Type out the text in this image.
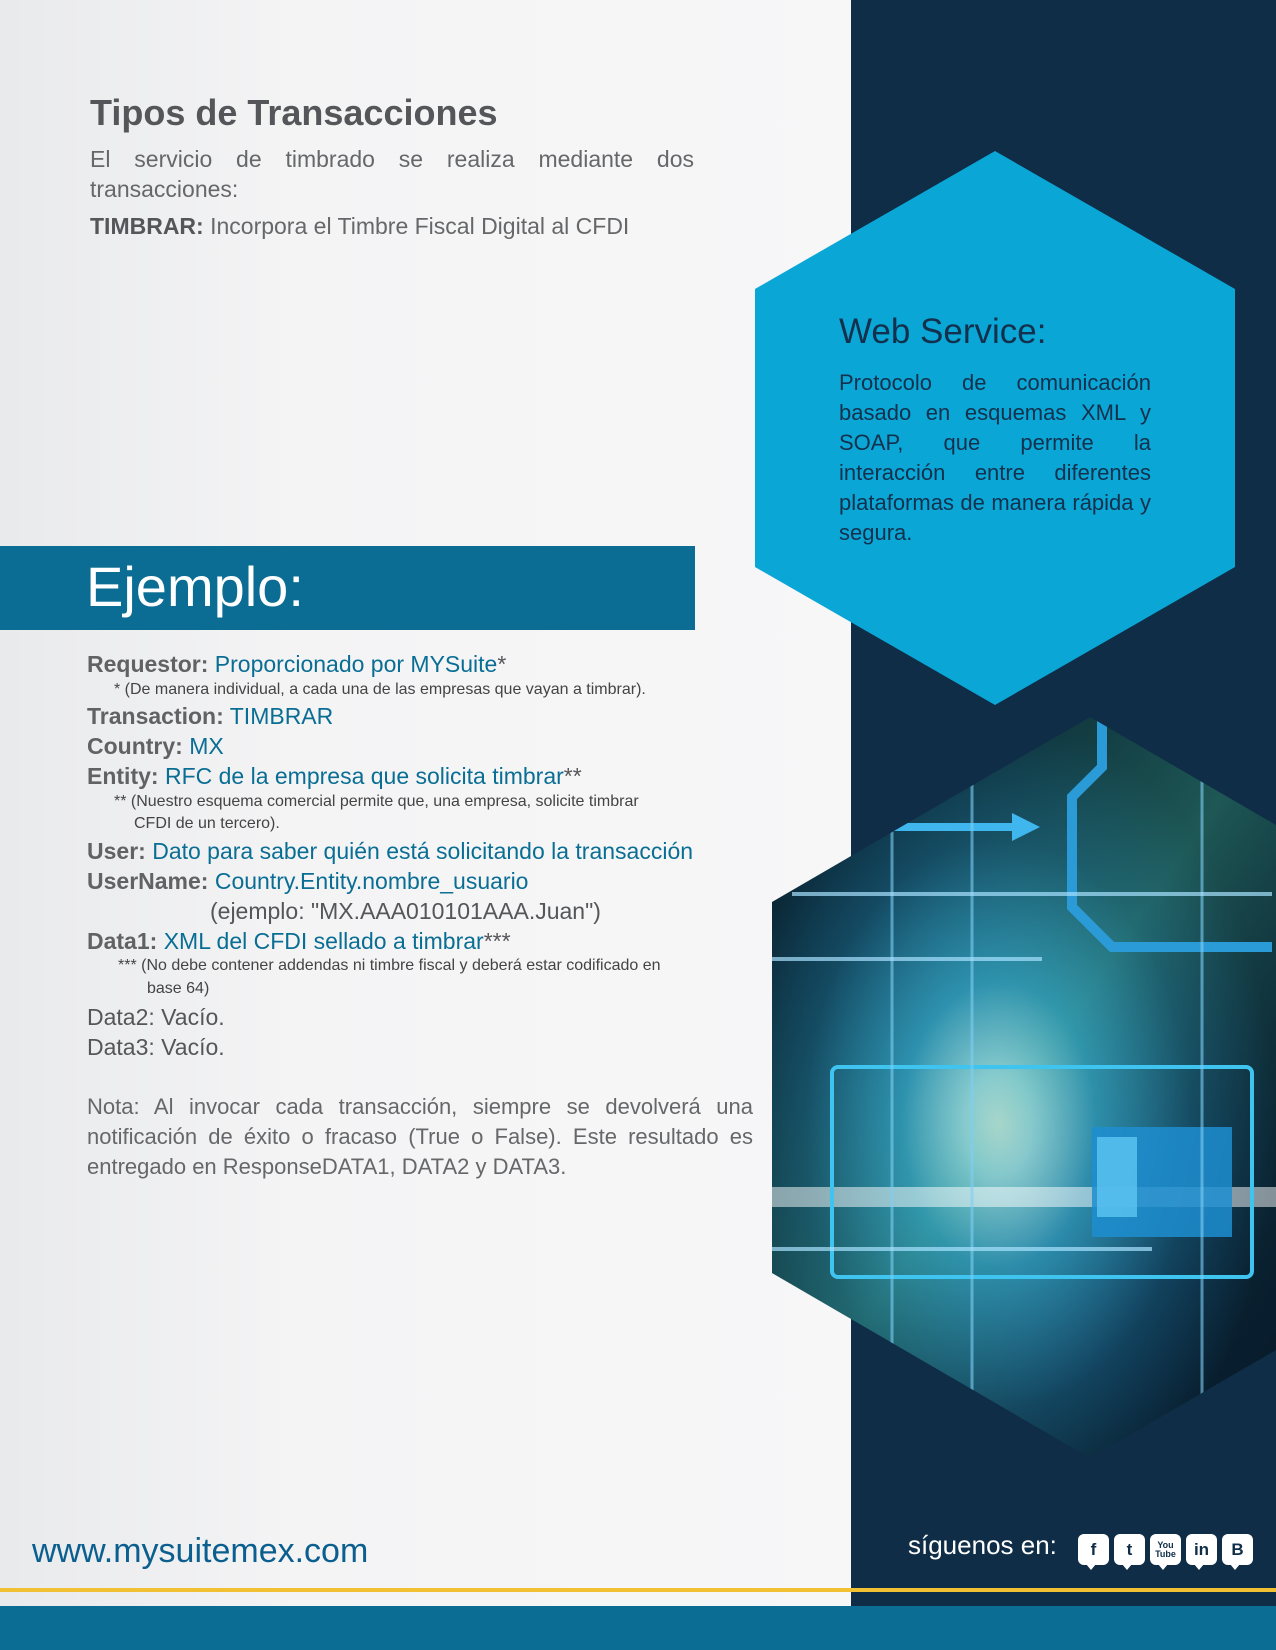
Tipos de Transacciones

El servicio de timbrado se realiza mediante dos transacciones:

TIMBRAR: Incorpora el Timbre Fiscal Digital al CFDI

Web Service:

Protocolo de comunicación basado en esquemas XML y SOAP, que permite la interacción entre diferentes plataformas de manera rápida y segura.

Ejemplo:

Requestor: Proporcionado por MYSuite*

* (De manera individual, a cada una de las empresas que vayan a timbrar).

Transaction: TIMBRAR

Country: MX

Entity: RFC de la empresa que solicita timbrar**

** (Nuestro esquema comercial permite que, una empresa, solicite timbrar

CFDI de un tercero).

User: Dato para saber quién está solicitando la transacción

UserName: Country.Entity.nombre_usuario

(ejemplo: "MX.AAA010101AAA.Juan")

Data1: XML del CFDI sellado a timbrar***

*** (No debe contener addendas ni timbre fiscal y deberá estar codificado en

base 64)

Data2: Vacío.

Data3: Vacío.

Nota: Al invocar cada transacción, siempre se devolverá una notificación de éxito o fracaso (True o False). Este resultado es entregado en ResponseDATA1, DATA2 y DATA3.

www.mysuitemex.com	síguenos en:	f	t	You Tube	in	B
